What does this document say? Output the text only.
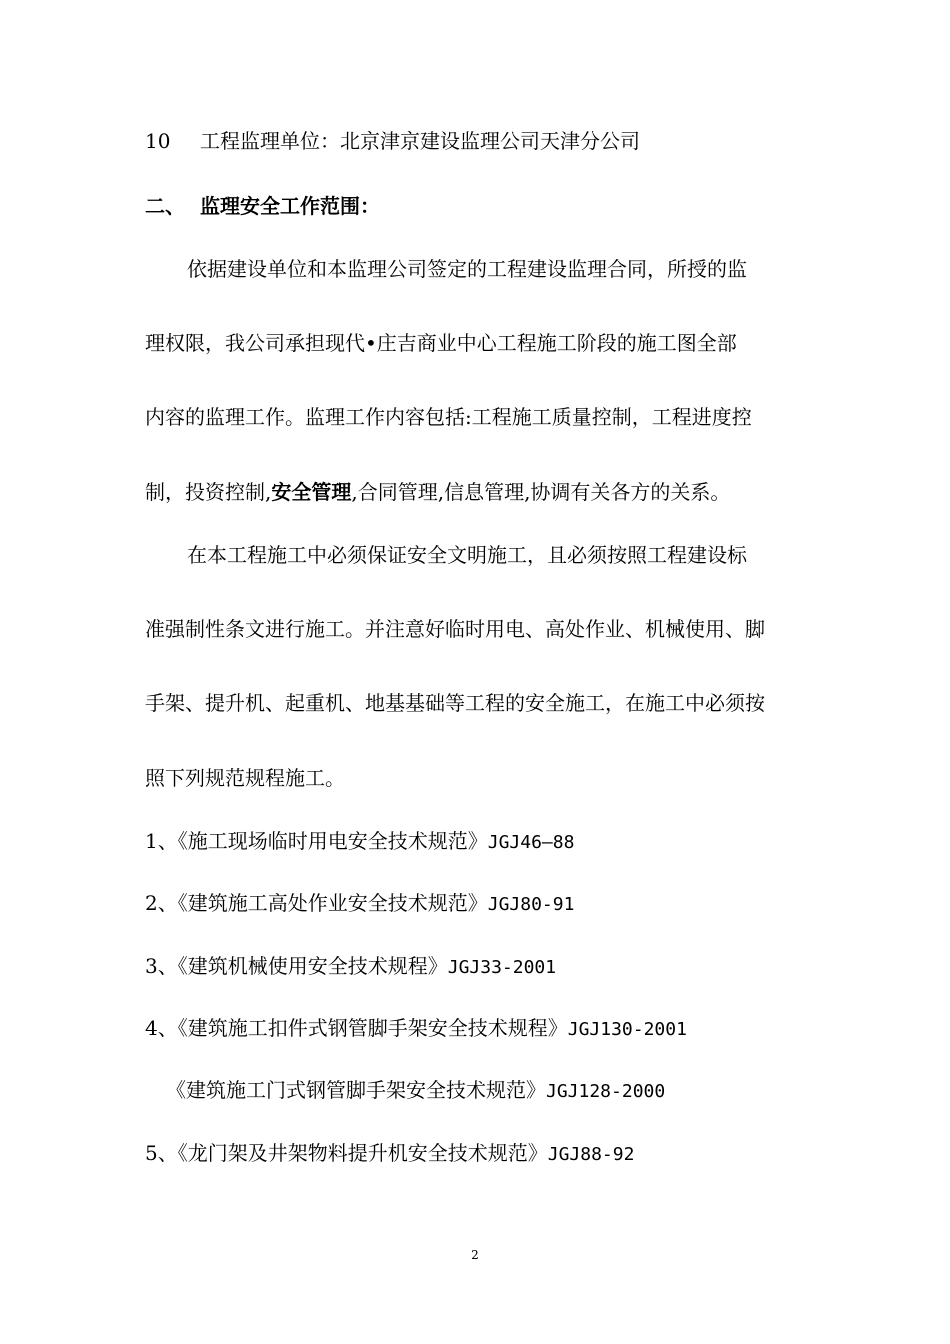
10 工程监理单位：北京津京建设监理公司天津分公司
二、 监理安全工作范围：
依据建设单位和本监理公司签定的工程建设监理合同，所授的监
理权限，我公司承担现代•庄吉商业中心工程施工阶段的施工图全部
内容的监理工作。监理工作内容包括:工程施工质量控制，工程进度控
制，投资控制,安全管理,合同管理,信息管理,协调有关各方的关系。
在本工程施工中必须保证安全文明施工，且必须按照工程建设标
准强制性条文进行施工。并注意好临时用电、高处作业、机械使用、脚
手架、提升机、起重机、地基基础等工程的安全施工，在施工中必须按
照下列规范规程施工。
1、《施工现场临时用电安全技术规范》JGJ46—88
2、《建筑施工高处作业安全技术规范》JGJ80-91
3、《建筑机械使用安全技术规程》JGJ33-2001
4、《建筑施工扣件式钢管脚手架安全技术规程》JGJ130-2001
《建筑施工门式钢管脚手架安全技术规范》JGJ128-2000
5、《龙门架及井架物料提升机安全技术规范》JGJ88-92
2
